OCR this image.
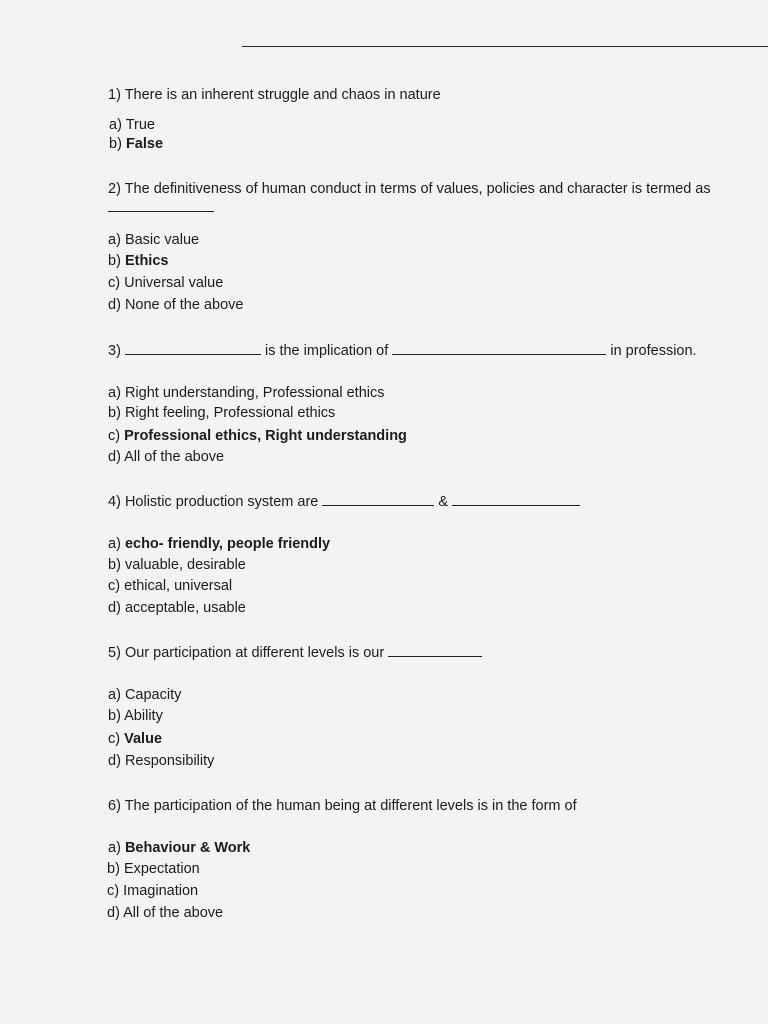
1) There is an inherent struggle and chaos in nature
a) True
b) False
2) The definitiveness of human conduct in terms of values, policies and character is termed as
a) Basic value
b) Ethics
c) Universal value
d) None of the above
3)	is the implication of	in profession.
a) Right understanding, Professional ethics
b) Right feeling, Professional ethics
c) Professional ethics, Right understanding
d) All of the above
4) Holistic production system are	&
a) echo- friendly, people friendly
b) valuable, desirable
c) ethical, universal
d) acceptable, usable
5) Our participation at different levels is our
a) Capacity
b) Ability
c) Value
d) Responsibility
6) The participation of the human being at different levels is in the form of
a) Behaviour & Work
b) Expectation
c) Imagination
d) All of the above
